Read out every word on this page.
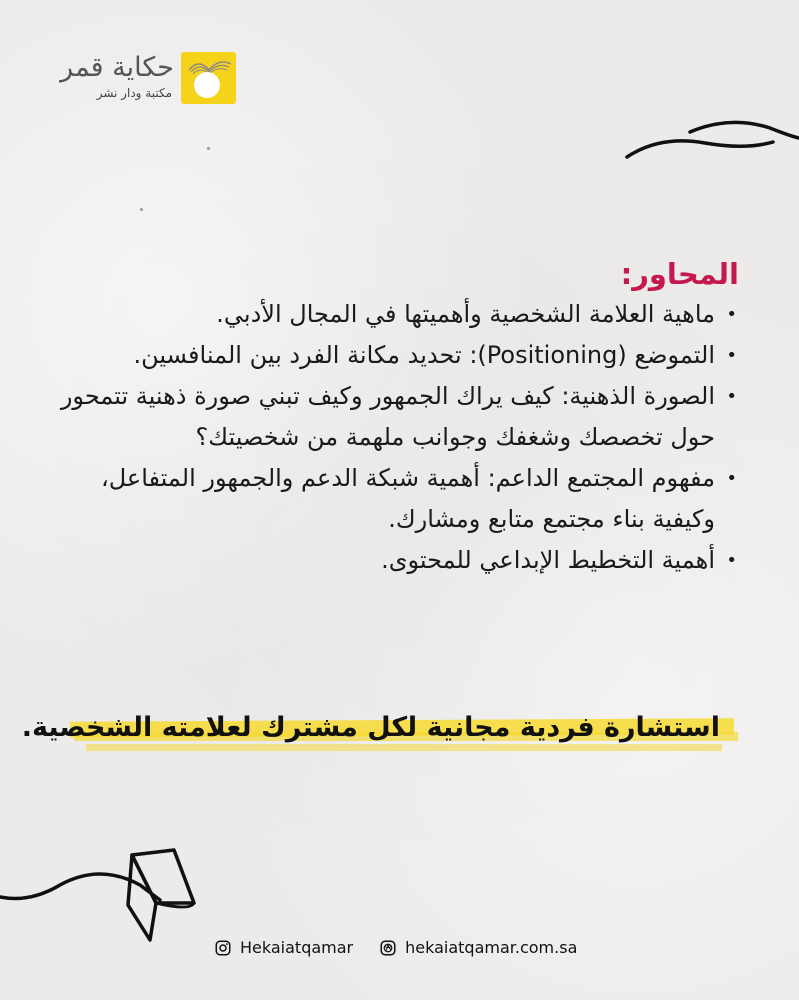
حكاية قمر
مكتبة ودار نشر
المحاور:
• ماهية العلامة الشخصية وأهميتها في المجال الأدبي.
• التموضع (Positioning): تحديد مكانة الفرد بين المنافسين.
• الصورة الذهنية: كيف يراك الجمهور وكيف تبني صورة ذهنية تتمحور حول تخصصك وشغفك وجوانب ملهمة من شخصيتك؟
• مفهوم المجتمع الداعم: أهمية شبكة الدعم والجمهور المتفاعل، وكيفية بناء مجتمع متابع ومشارك.
• أهمية التخطيط الإبداعي للمحتوى.
استشارة فردية مجانية لكل مشترك لعلامته الشخصية.
Hekaiatqamar	hekaiatqamar.com.sa
